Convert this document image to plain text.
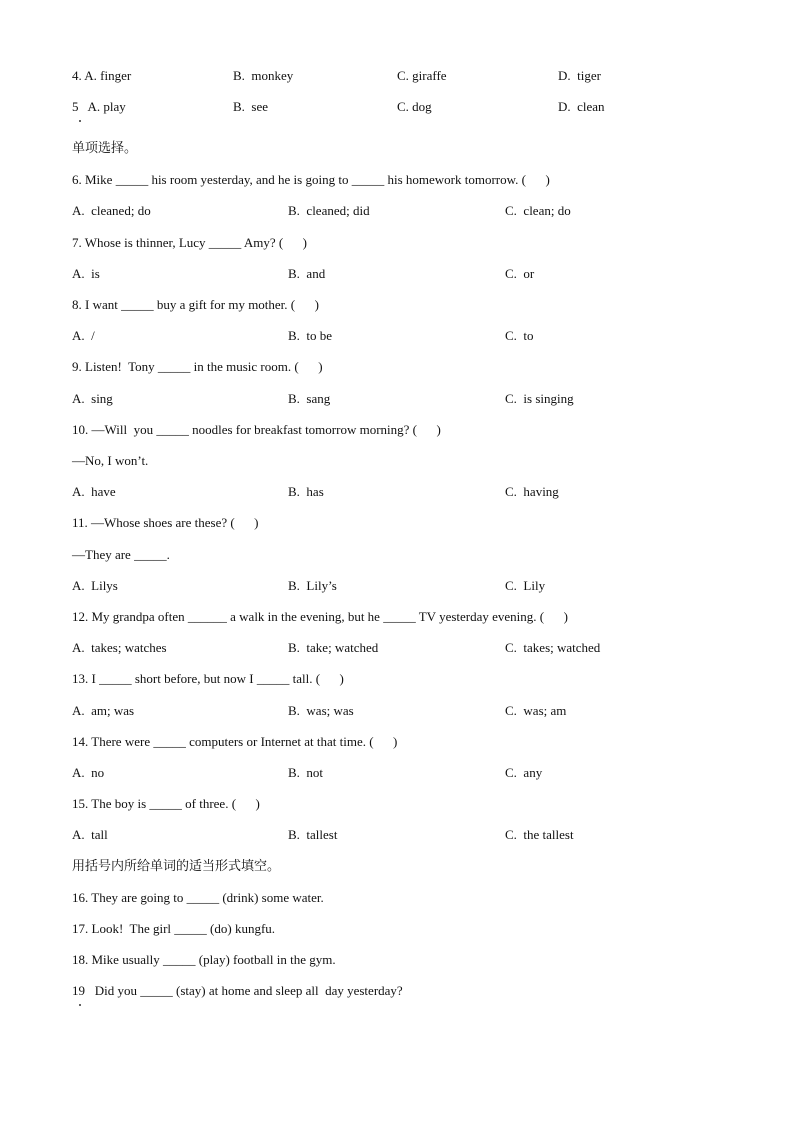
4. A. finger	B.  monkey	C. giraffe	D.  tiger
5   A. play	B.  see	C. dog	D.  clean
单项选择。
6. Mike _____ his room yesterday, and he is going to _____ his homework tomorrow. (      )
A.  cleaned; do	B.  cleaned; did	C.  clean; do
7. Whose is thinner, Lucy _____ Amy? (      )
A.  is	B.  and	C.  or
8. I want _____ buy a gift for my mother. (      )
A.  /	B.  to be	C.  to
9. Listen!  Tony _____ in the music room. (      )
A.  sing	B.  sang	C.  is singing
10. —Will  you _____ noodles for breakfast tomorrow morning? (      )
—No, I won’t.
A.  have	B.  has	C.  having
11. —Whose shoes are these? (      )
—They are _____.
A.  Lilys	B.  Lily’s	C.  Lily
12. My grandpa often ______ a walk in the evening, but he _____ TV yesterday evening. (      )
A.  takes; watches	B.  take; watched	C.  takes; watched
13. I _____ short before, but now I _____ tall. (      )
A.  am; was	B.  was; was	C.  was; am
14. There were _____ computers or Internet at that time. (      )
A.  no	B.  not	C.  any
15. The boy is _____ of three. (      )
A.  tall	B.  tallest	C.  the tallest
用括号内所给单词的适当形式填空。
16. They are going to _____ (drink) some water.
17. Look!  The girl _____ (do) kungfu.
18. Mike usually _____ (play) football in the gym.
19   Did you _____ (stay) at home and sleep all  day yesterday?
